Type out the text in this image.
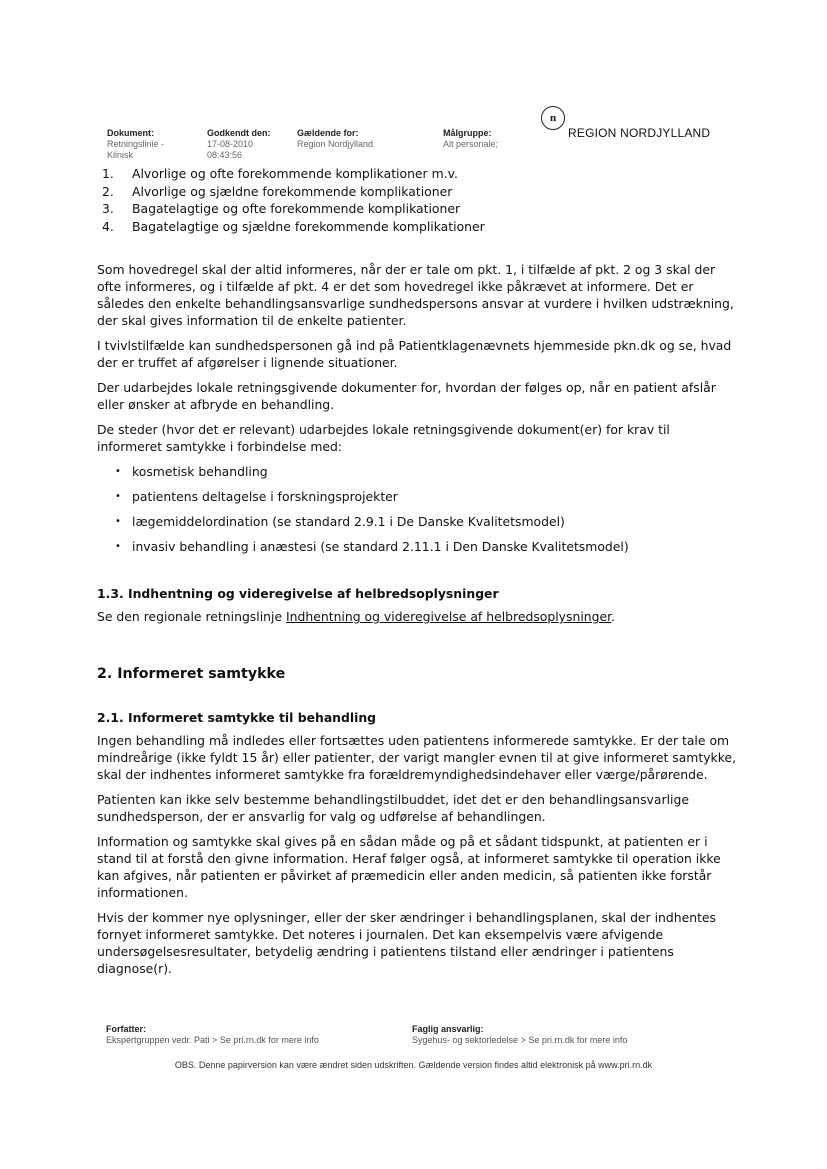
Dokument:
Retningslinie -
Klinisk
Godkendt den:
17-08-2010
08:43:56
Gældende for:
Region Nordjylland
Målgruppe:
Alt personale;
n
REGION NORDJYLLAND
1. Alvorlige og ofte forekommende komplikationer m.v.
2. Alvorlige og sjældne forekommende komplikationer
3. Bagatelagtige og ofte forekommende komplikationer
4. Bagatelagtige og sjældne forekommende komplikationer

Som hovedregel skal der altid informeres, når der er tale om pkt. 1, i tilfælde af pkt. 2 og 3 skal der ofte informeres, og i tilfælde af pkt. 4 er det som hovedregel ikke påkrævet at informere. Det er således den enkelte behandlingsansvarlige sundhedspersons ansvar at vurdere i hvilken udstrækning, der skal gives information til de enkelte patienter.

I tvivlstilfælde kan sundhedspersonen gå ind på Patientklagenævnets hjemmeside pkn.dk og se, hvad der er truffet af afgørelser i lignende situationer.

Der udarbejdes lokale retningsgivende dokumenter for, hvordan der følges op, når en patient afslår eller ønsker at afbryde en behandling.

De steder (hvor det er relevant) udarbejdes lokale retningsgivende dokument(er) for krav til informeret samtykke i forbindelse med:

• kosmetisk behandling
• patientens deltagelse i forskningsprojekter
• lægemiddelordination (se standard 2.9.1 i De Danske Kvalitetsmodel)
• invasiv behandling i anæstesi (se standard 2.11.1 i Den Danske Kvalitetsmodel)
1.3. Indhentning og videregivelse af helbredsoplysninger

Se den regionale retningslinje Indhentning og videregivelse af helbredsoplysninger.

2. Informeret samtykke
2.1. Informeret samtykke til behandling

Ingen behandling må indledes eller fortsættes uden patientens informerede samtykke. Er der tale om mindreårige (ikke fyldt 15 år) eller patienter, der varigt mangler evnen til at give informeret samtykke, skal der indhentes informeret samtykke fra forældremyndighedsindehaver eller værge/pårørende.

Patienten kan ikke selv bestemme behandlingstilbuddet, idet det er den behandlingsansvarlige sundhedsperson, der er ansvarlig for valg og udførelse af behandlingen.

Information og samtykke skal gives på en sådan måde og på et sådant tidspunkt, at patienten er i stand til at forstå den givne information. Heraf følger også, at informeret samtykke til operation ikke kan afgives, når patienten er påvirket af præmedicin eller anden medicin, så patienten ikke forstår informationen.

Hvis der kommer nye oplysninger, eller der sker ændringer i behandlingsplanen, skal der indhentes fornyet informeret samtykke. Det noteres i journalen. Det kan eksempelvis være afvigende undersøgelsesresultater, betydelig ændring i patientens tilstand eller ændringer i patientens diagnose(r).

Forfatter:
Ekspertgruppen vedr. Pati > Se pri.rn.dk for mere info
Faglig ansvarlig:
Sygehus- og sektorledelse > Se pri.rn.dk for mere info
OBS. Denne papirversion kan være ændret siden udskriften. Gældende version findes altid elektronisk på www.pri.rn.dk
